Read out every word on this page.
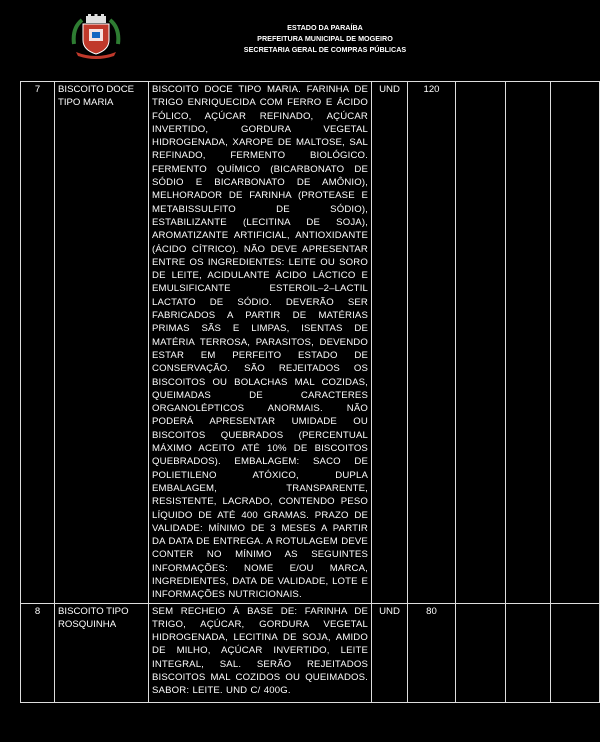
ESTADO DA PARAÍBA
PREFEITURA MUNICIPAL DE MOGEIRO
SECRETARIA GERAL DE COMPRAS PÚBLICAS
7	BISCOITO DOCE TIPO MARIA	BISCOITO DOCE TIPO MARIA. FARINHA DE TRIGO ENRIQUECIDA COM FERRO E ÁCIDO FÓLICO, AÇÚCAR REFINADO, AÇÚCAR INVERTIDO, GORDURA VEGETAL HIDROGENADA, XAROPE DE MALTOSE, SAL REFINADO, FERMENTO BIOLÓGICO. FERMENTO QUÍMICO (BICARBONATO DE SÓDIO E BICARBONATO DE AMÔNIO), MELHORADOR DE FARINHA (PROTEASE E METABISSULFITO DE SÓDIO), ESTABILIZANTE (LECITINA DE SOJA), AROMATIZANTE ARTIFICIAL, ANTIOXIDANTE (ÁCIDO CÍTRICO). NÃO DEVE APRESENTAR ENTRE OS INGREDIENTES: LEITE OU SORO DE LEITE, ACIDULANTE ÁCIDO LÁCTICO E EMULSIFICANTE ESTEROIL–2–LACTIL LACTATO DE SÓDIO. DEVERÃO SER FABRICADOS A PARTIR DE MATÉRIAS PRIMAS SÃS E LIMPAS, ISENTAS DE MATÉRIA TERROSA, PARASITOS, DEVENDO ESTAR EM PERFEITO ESTADO DE CONSERVAÇÃO. SÃO REJEITADOS OS BISCOITOS OU BOLACHAS MAL COZIDAS, QUEIMADAS DE CARACTERES ORGANOLÉPTICOS ANORMAIS. NÃO PODERÁ APRESENTAR UMIDADE OU BISCOITOS QUEBRADOS (PERCENTUAL MÁXIMO ACEITO ATÉ 10% DE BISCOITOS QUEBRADOS). EMBALAGEM: SACO DE POLIETILENO ATÓXICO, DUPLA EMBALAGEM, TRANSPARENTE, RESISTENTE, LACRADO, CONTENDO PESO LÍQUIDO DE ATÉ 400 GRAMAS. PRAZO DE VALIDADE: MÍNIMO DE 3 MESES A PARTIR DA DATA DE ENTREGA. A ROTULAGEM DEVE CONTER NO MÍNIMO AS SEGUINTES INFORMAÇÕES: NOME E/OU MARCA, INGREDIENTES, DATA DE VALIDADE, LOTE E INFORMAÇÕES NUTRICIONAIS.	UND	120			
8	BISCOITO TIPO ROSQUINHA	SEM RECHEIO À BASE DE: FARINHA DE TRIGO, AÇÚCAR, GORDURA VEGETAL HIDROGENADA, LECITINA DE SOJA, AMIDO DE MILHO, AÇÚCAR INVERTIDO, LEITE INTEGRAL, SAL. SERÃO REJEITADOS BISCOITOS MAL COZIDOS OU QUEIMADOS. SABOR: LEITE. UND C/ 400G.	UND	80			
